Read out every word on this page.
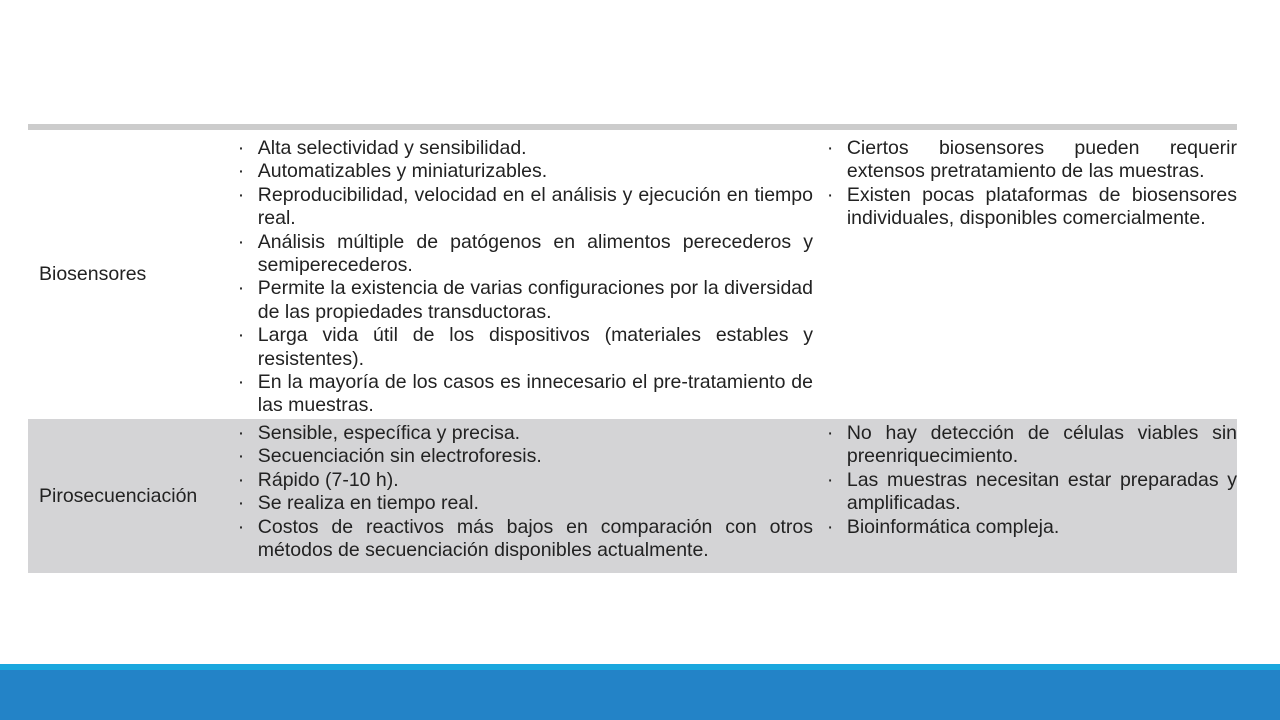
Biosensores
· Alta selectividad y sensibilidad.
· Automatizables y miniaturizables.
· Reproducibilidad, velocidad en el análisis y ejecución en tiempo real.
· Análisis múltiple de patógenos en alimentos perecederos y semiperecederos.
· Permite la existencia de varias configuraciones por la diversidad de las propiedades transductoras.
· Larga vida útil de los dispositivos (materiales estables y resistentes).
· En la mayoría de los casos es innecesario el pre-tratamiento de las muestras.
· Ciertos biosensores pueden requerir extensos pretratamiento de las muestras.
· Existen pocas plataformas de biosensores individuales, disponibles comercialmente.
Pirosecuenciación
· Sensible, específica y precisa.
· Secuenciación sin electroforesis.
· Rápido (7-10 h).
· Se realiza en tiempo real.
· Costos de reactivos más bajos en comparación con otros métodos de secuenciación disponibles actualmente.
· No hay detección de células viables sin preenriquecimiento.
· Las muestras necesitan estar preparadas y amplificadas.
· Bioinformática compleja.
